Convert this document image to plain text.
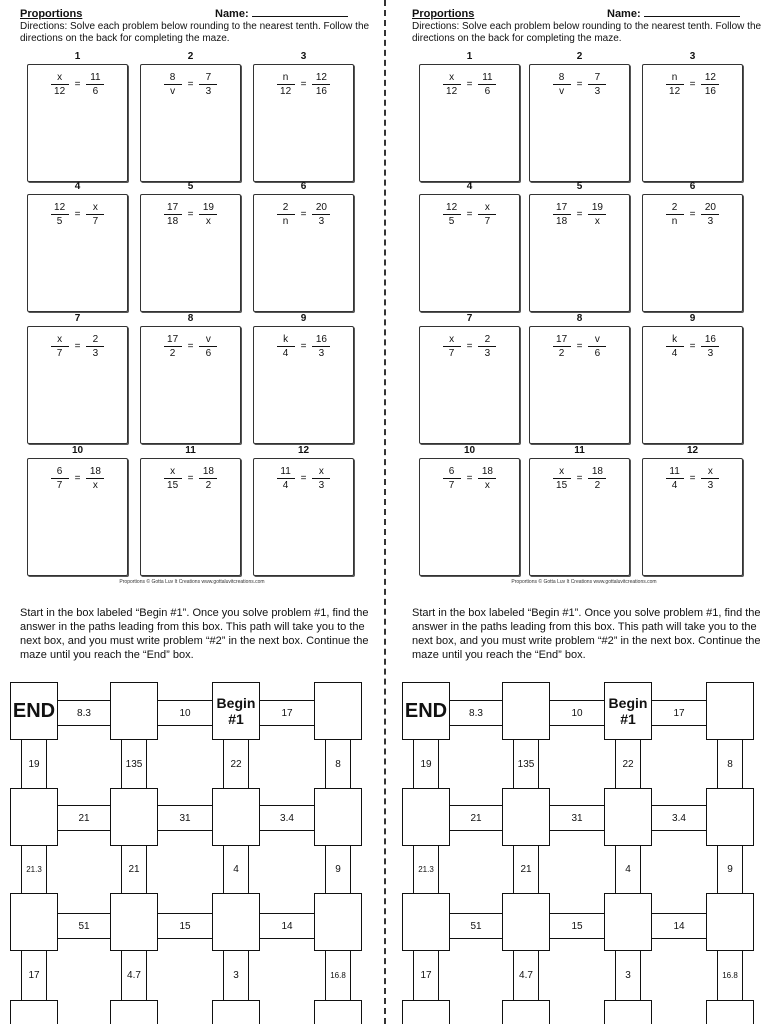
Proportions	Name:
Directions: Solve each problem below rounding to the nearest tenth. Follow the directions on the back for completing the maze.
1
$\frac{x}{12} = \frac{11}{6}$
2
$\frac{8}{v} = \frac{7}{3}$
3
$\frac{n}{12} = \frac{12}{16}$
4
$\frac{12}{5} = \frac{x}{7}$
5
$\frac{17}{18} = \frac{19}{x}$
6
$\frac{2}{n} = \frac{20}{3}$
7
$\frac{x}{7} = \frac{2}{3}$
8
$\frac{17}{2} = \frac{v}{6}$
9
$\frac{k}{4} = \frac{16}{3}$
10
$\frac{6}{7} = \frac{18}{x}$
11
$\frac{x}{15} = \frac{18}{2}$
12
$\frac{11}{4} = \frac{x}{3}$
Proportions © Gotta Luv It Creations www.gottaluvitcreations.com
Start in the box labeled “Begin #1”. Once you solve problem #1, find the answer in the paths leading from this box. This path will take you to the next box, and you must write problem “#2” in the next box. Continue the maze until you reach the “End” box.
END	Begin #1
8.3	10	17
21	31	3.4
51	15	14
19	135	22	8
21.3	21	4	9
17	4.7	3	16.8
Proportions	Name:
Directions: Solve each problem below rounding to the nearest tenth. Follow the directions on the back for completing the maze.
1
$\frac{x}{12} = \frac{11}{6}$
2
$\frac{8}{v} = \frac{7}{3}$
3
$\frac{n}{12} = \frac{12}{16}$
4
$\frac{12}{5} = \frac{x}{7}$
5
$\frac{17}{18} = \frac{19}{x}$
6
$\frac{2}{n} = \frac{20}{3}$
7
$\frac{x}{7} = \frac{2}{3}$
8
$\frac{17}{2} = \frac{v}{6}$
9
$\frac{k}{4} = \frac{16}{3}$
10
$\frac{6}{7} = \frac{18}{x}$
11
$\frac{x}{15} = \frac{18}{2}$
12
$\frac{11}{4} = \frac{x}{3}$
Proportions © Gotta Luv It Creations www.gottaluvitcreations.com
Start in the box labeled “Begin #1”. Once you solve problem #1, find the answer in the paths leading from this box. This path will take you to the next box, and you must write problem “#2” in the next box. Continue the maze until you reach the “End” box.
END	Begin #1
8.3	10	17
21	31	3.4
51	15	14
19	135	22	8
21.3	21	4	9
17	4.7	3	16.8
